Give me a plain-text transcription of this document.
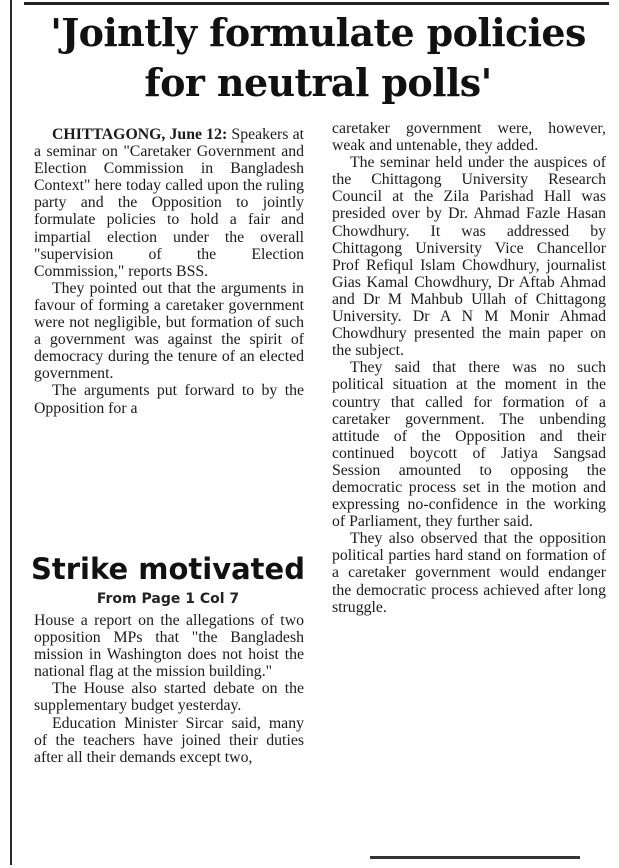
'Jointly formulate policies for neutral polls'

CHITTAGONG, June 12: Speakers at a seminar on "Caretaker Government and Election Commission in Bangladesh Context" here today called upon the ruling party and the Opposition to jointly formulate policies to hold a fair and impartial election under the overall "supervision of the Election Commission," reports BSS.

They pointed out that the arguments in favour of forming a caretaker government were not negligible, but formation of such a government was against the spirit of democracy during the tenure of an elected government.

The arguments put forward to by the Opposition for a

caretaker government were, however, weak and untenable, they added.

The seminar held under the auspices of the Chittagong University Research Council at the Zila Parishad Hall was presided over by Dr. Ahmad Fazle Hasan Chowdhury. It was addressed by Chittagong University Vice Chancellor Prof Refiqul Islam Chowdhury, journalist Gias Kamal Chowdhury, Dr Aftab Ahmad and Dr M Mahbub Ullah of Chittagong University. Dr A N M Monir Ahmad Chowdhury presented the main paper on the subject.

They said that there was no such political situation at the moment in the country that called for formation of a caretaker government. The unbending attitude of the Opposition and their continued boycott of Jatiya Sangsad Session amounted to opposing the democratic process set in the motion and expressing no-confidence in the working of Parliament, they further said.

They also observed that the opposition political parties hard stand on formation of a caretaker government would endanger the democratic process achieved after long struggle.

Strike motivated
From Page 1 Col 7

House a report on the allegations of two opposition MPs that "the Bangladesh mission in Washington does not hoist the national flag at the mission building."

The House also started debate on the supplementary budget yesterday.

Education Minister Sircar said, many of the teachers have joined their duties after all their demands except two,
